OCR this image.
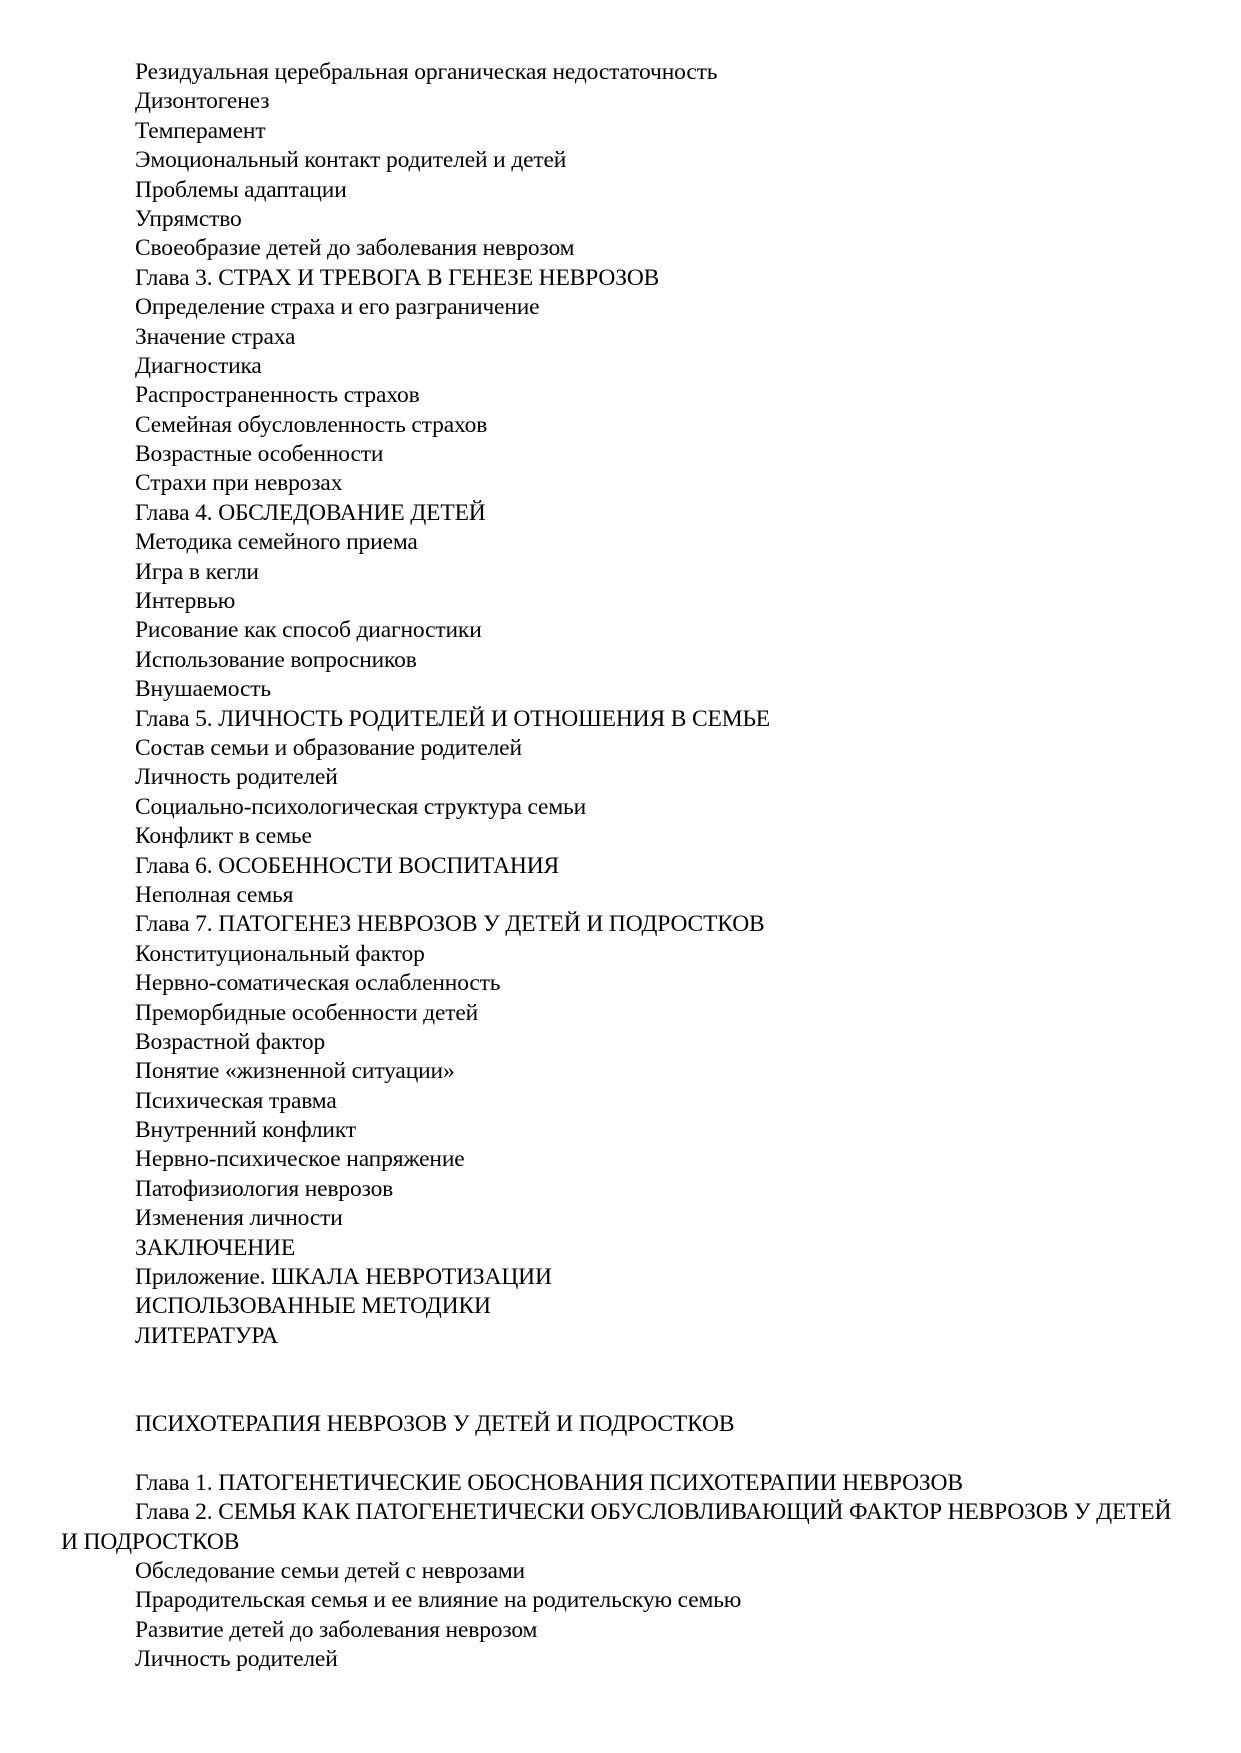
Резидуальная церебральная органическая недостаточность
Дизонтогенез
Темперамент
Эмоциональный контакт родителей и детей
Проблемы адаптации
Упрямство
Своеобразие детей до заболевания неврозом
Глава 3. СТРАХ И ТРЕВОГА В ГЕНЕЗЕ НЕВРОЗОВ
Определение страха и его разграничение
Значение страха
Диагностика
Распространенность страхов
Семейная обусловленность страхов
Возрастные особенности
Страхи при неврозах
Глава 4. ОБСЛЕДОВАНИЕ ДЕТЕЙ
Методика семейного приема
Игра в кегли
Интервью
Рисование как способ диагностики
Использование вопросников
Внушаемость
Глава 5. ЛИЧНОСТЬ РОДИТЕЛЕЙ И ОТНОШЕНИЯ В СЕМЬЕ
Состав семьи и образование родителей
Личность родителей
Социально-психологическая структура семьи
Конфликт в семье
Глава 6. ОСОБЕННОСТИ ВОСПИТАНИЯ
Неполная семья
Глава 7. ПАТОГЕНЕЗ НЕВРОЗОВ У ДЕТЕЙ И ПОДРОСТКОВ
Конституциональный фактор
Нервно-соматическая ослабленность
Преморбидные особенности детей
Возрастной фактор
Понятие «жизненной ситуации»
Психическая травма
Внутренний конфликт
Нервно-психическое напряжение
Патофизиология неврозов
Изменения личности
ЗАКЛЮЧЕНИЕ
Приложение. ШКАЛА НЕВРОТИЗАЦИИ
ИСПОЛЬЗОВАННЫЕ МЕТОДИКИ
ЛИТЕРАТУРА
ПСИХОТЕРАПИЯ НЕВРОЗОВ У ДЕТЕЙ И ПОДРОСТКОВ
Глава 1. ПАТОГЕНЕТИЧЕСКИЕ ОБОСНОВАНИЯ ПСИХОТЕРАПИИ НЕВРОЗОВ
Глава 2. СЕМЬЯ КАК ПАТОГЕНЕТИЧЕСКИ ОБУСЛОВЛИВАЮЩИЙ ФАКТОР НЕВРОЗОВ У ДЕТЕЙ И ПОДРОСТКОВ
Обследование семьи детей с неврозами
Прародительская семья и ее влияние на родительскую семью
Развитие детей до заболевания неврозом
Личность родителей
